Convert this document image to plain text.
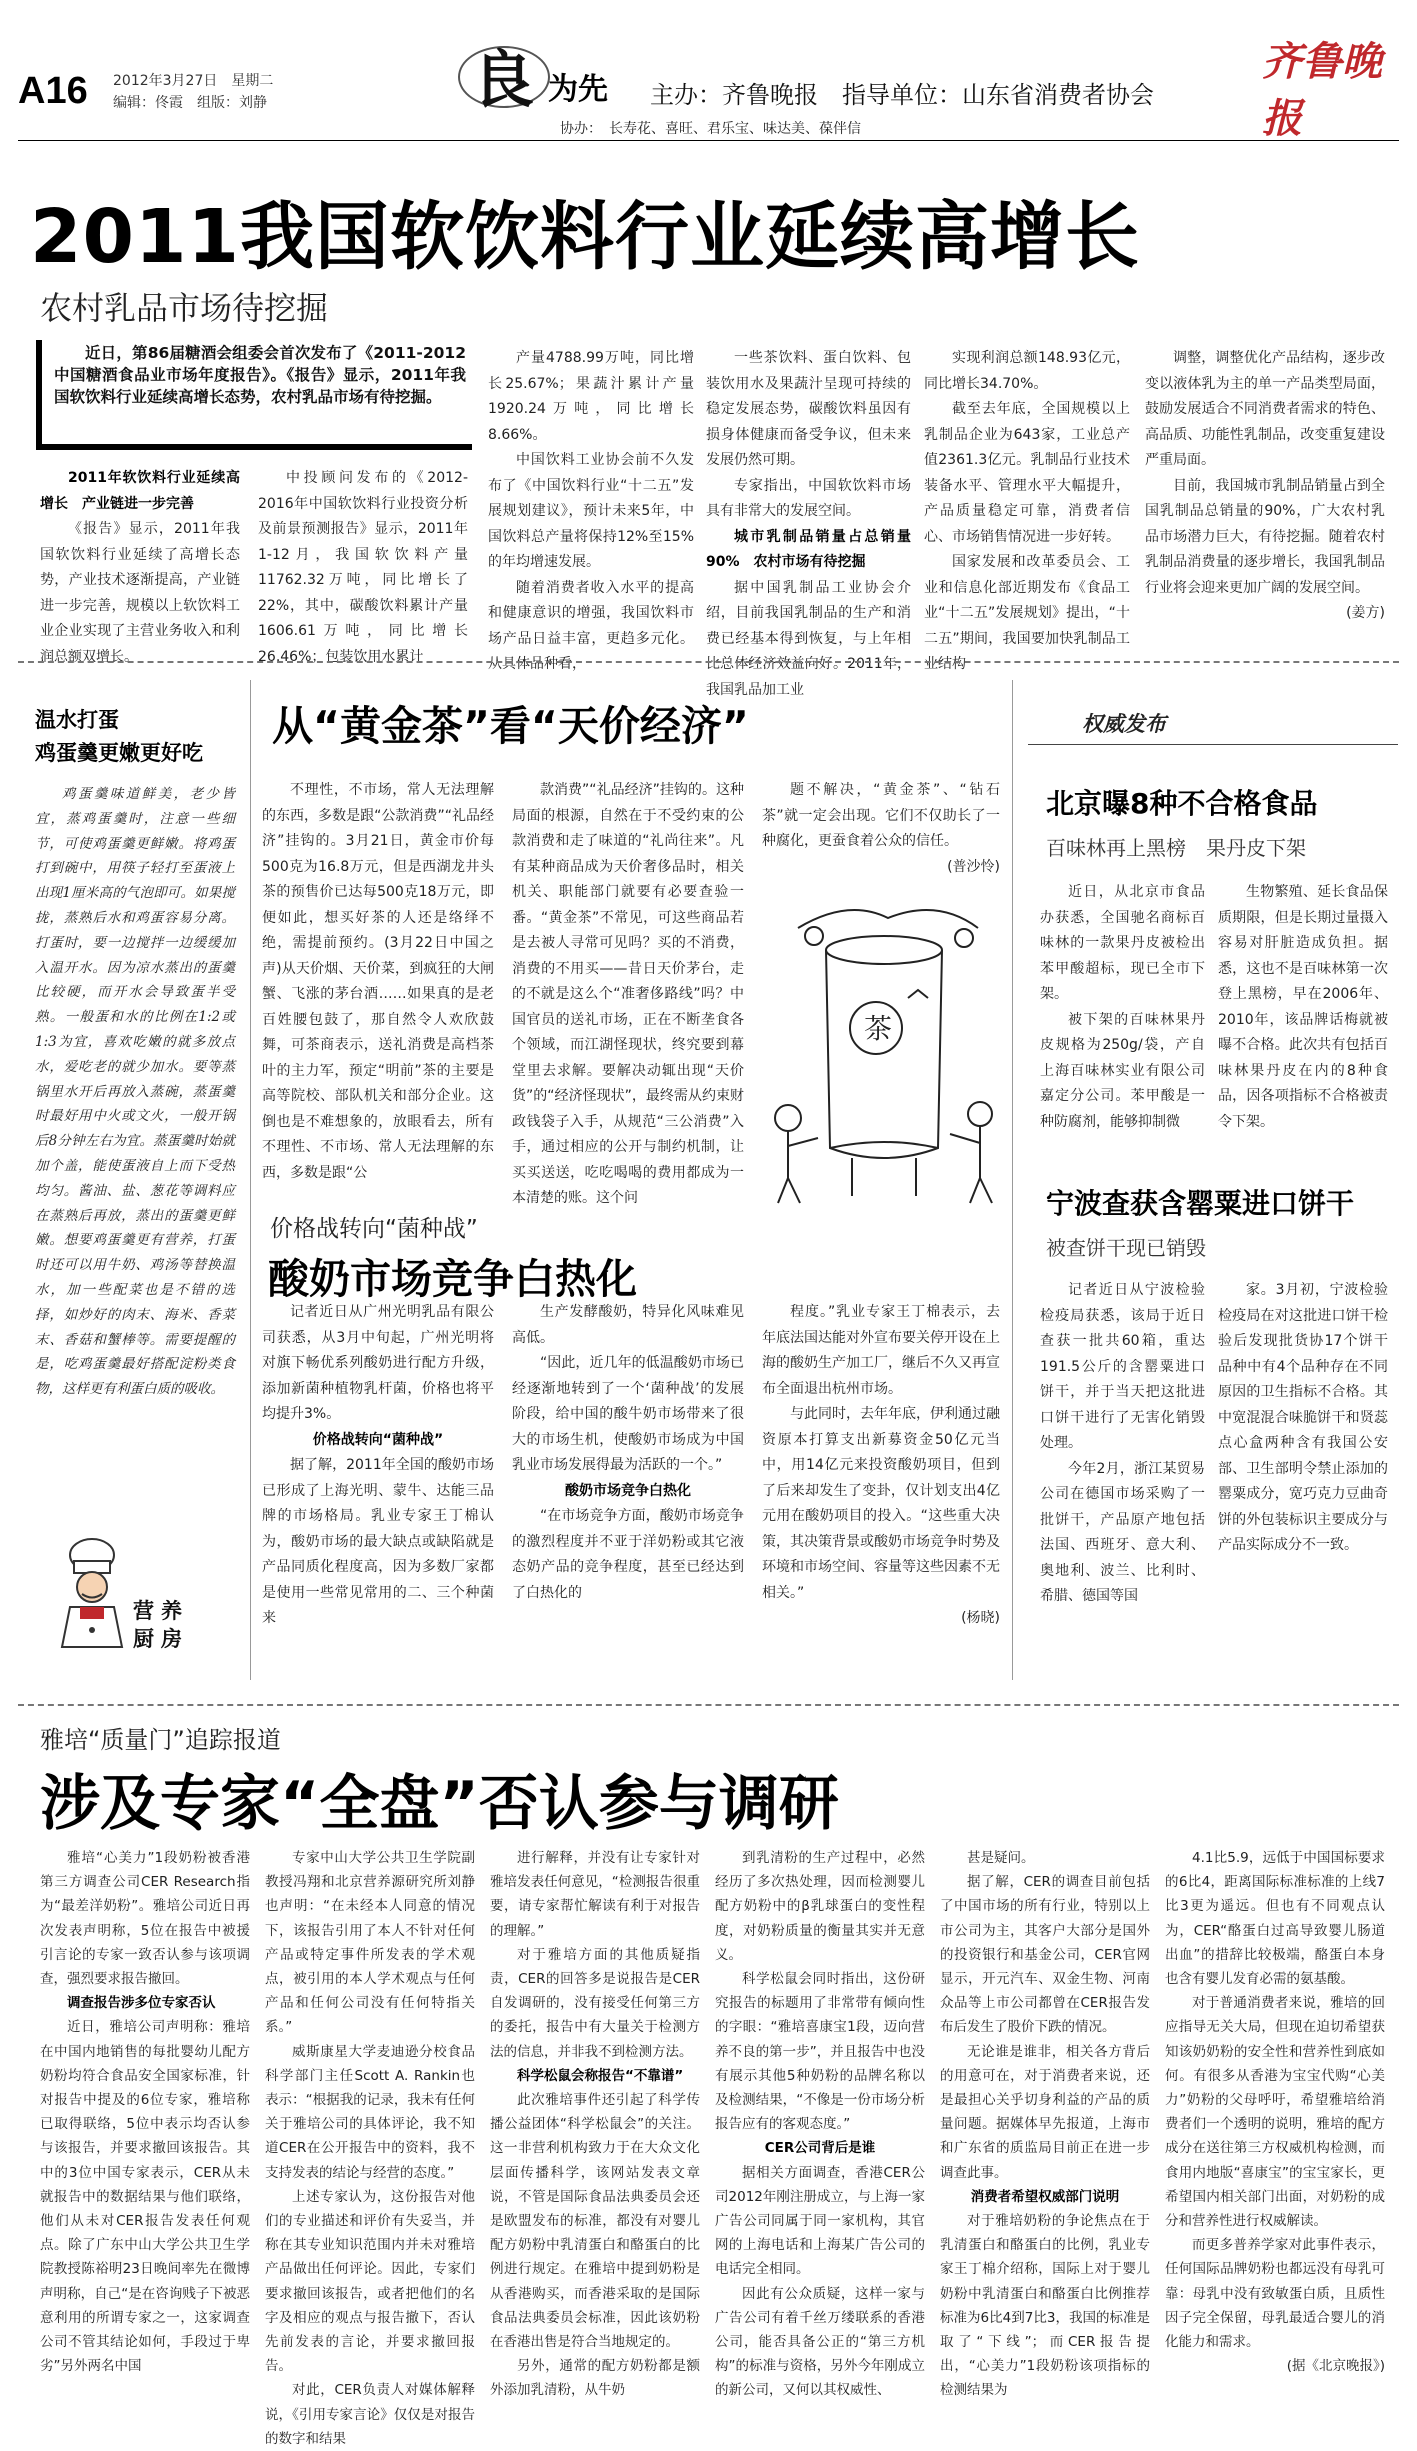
A16 2012年3月27日　星期二
编辑：佟霞　组版：刘静	良 为先 主办：齐鲁晚报　指导单位：山东省消费者协会
协办：　长寿花、喜旺、君乐宝、味达美、葆伴信
齐鲁晚报
2011我国软饮料行业延续高增长
农村乳品市场待挖掘
近日，第86届糖酒会组委会首次发布了《2011-2012中国糖酒食品业市场年度报告》。《报告》显示，2011年我国软饮料行业延续高增长态势，农村乳品市场有待挖掘。

2011年软饮料行业延续高增长　产业链进一步完善

《报告》显示，2011年我国软饮料行业延续了高增长态势，产业技术逐渐提高，产业链进一步完善，规模以上软饮料工业企业实现了主营业务收入和利润总额双增长。

中投顾问发布的《2012-2016年中国软饮料行业投资分析及前景预测报告》显示，2011年1-12月，我国软饮料产量11762.32万吨，同比增长了22%，其中，碳酸饮料累计产量1606.61万吨，同比增长26.46%；包装饮用水累计

产量4788.99万吨，同比增长25.67%；果蔬汁累计产量1920.24万吨，同比增长8.66%。

中国饮料工业协会前不久发布了《中国饮料行业“十二五”发展规划建议》，预计未来5年，中国饮料总产量将保持12%至15%的年均增速发展。

随着消费者收入水平的提高和健康意识的增强，我国饮料市场产品日益丰富，更趋多元化。从具体品种看，

一些茶饮料、蛋白饮料、包装饮用水及果蔬汁呈现可持续的稳定发展态势，碳酸饮料虽因有损身体健康而备受争议，但未来发展仍然可期。

专家指出，中国软饮料市场具有非常大的发展空间。

城市乳制品销量占总销量90%　农村市场有待挖掘

据中国乳制品工业协会介绍，目前我国乳制品的生产和消费已经基本得到恢复，与上年相比总体经济效益向好。2011年，我国乳品加工业

实现利润总额148.93亿元，同比增长34.70%。

截至去年底，全国规模以上乳制品企业为643家，工业总产值2361.3亿元。乳制品行业技术装备水平、管理水平大幅提升，产品质量稳定可靠，消费者信心、市场销售情况进一步好转。

国家发展和改革委员会、工业和信息化部近期发布《食品工业“十二五”发展规划》提出，“十二五”期间，我国要加快乳制品工业结构

调整，调整优化产品结构，逐步改变以液体乳为主的单一产品类型局面，鼓励发展适合不同消费者需求的特色、高品质、功能性乳制品，改变重复建设严重局面。

目前，我国城市乳制品销量占到全国乳制品总销量的90%，广大农村乳品市场潜力巨大，有待挖掘。随着农村乳制品消费量的逐步增长，我国乳制品行业将会迎来更加广阔的发展空间。

(姜方)

温水打蛋
鸡蛋羹更嫩更好吃

鸡蛋羹味道鲜美，老少皆宜，蒸鸡蛋羹时，注意一些细节，可使鸡蛋羹更鲜嫩。将鸡蛋打到碗中，用筷子轻打至蛋液上出现1厘米高的气泡即可。如果搅拢，蒸熟后水和鸡蛋容易分离。打蛋时，要一边搅拌一边缓缓加入温开水。因为凉水蒸出的蛋羹比较硬，而开水会导致蛋半受熟。一般蛋和水的比例在1:2或1:3为宜，喜欢吃嫩的就多放点水，爱吃老的就少加水。要等蒸锅里水开后再放入蒸碗，蒸蛋羹时最好用中火或文火，一般开锅后8分钟左右为宜。蒸蛋羹时始就加个盖，能使蛋液自上而下受热均匀。酱油、盐、葱花等调料应在蒸熟后再放，蒸出的蛋羹更鲜嫩。想要鸡蛋羹更有营养，打蛋时还可以用牛奶、鸡汤等替换温水，加一些配菜也是不错的选择，如炒好的肉末、海米、香菜末、香菇和蟹棒等。需要提醒的是，吃鸡蛋羹最好搭配淀粉类食物，这样更有利蛋白质的吸收。

营 养
厨 房
从“黄金茶”看“天价经济”

不理性，不市场，常人无法理解的东西，多数是跟“公款消费”“礼品经济”挂钩的。3月21日，黄金市价每500克为16.8万元，但是西湖龙井头茶的预售价已达每500克18万元，即便如此，想买好茶的人还是络绎不绝，需提前预约。(3月22日中国之声)从天价烟、天价菜，到疯狂的大闸蟹、飞涨的茅台酒……如果真的是老百姓腰包鼓了，那自然令人欢欣鼓舞，可茶商表示，送礼消费是高档茶叶的主力军，预定“明前”茶的主要是高等院校、部队机关和部分企业。这倒也是不难想象的，放眼看去，所有不理性、不市场、常人无法理解的东西，多数是跟“公

款消费”“礼品经济”挂钩的。这种局面的根源，自然在于不受约束的公款消费和走了味道的“礼尚往来”。凡有某种商品成为天价奢侈品时，相关机关、职能部门就要有必要查验一番。“黄金茶”不常见，可这些商品若是去被人寻常可见吗？买的不消费，消费的不用买——昔日天价茅台，走的不就是这么个“准奢侈路线”吗？中国官员的送礼市场，正在不断垄食各个领域，而江湖怪现状，终究要到幕堂里去求解。要解决动辄出现“天价货”的“经济怪现状”，最终需从约束财政钱袋子入手，从规范“三公消费”入手，通过相应的公开与制约机制，让买买送送，吃吃喝喝的费用都成为一本清楚的账。这个问

题不解决，“黄金茶”、“钻石茶”就一定会出现。它们不仅助长了一种腐化，更蚕食着公众的信任。

(普沙怜)

茶
价格战转向“菌种战”
酸奶市场竞争白热化

记者近日从广州光明乳品有限公司获悉，从3月中旬起，广州光明将对旗下畅优系列酸奶进行配方升级，添加新菌种植物乳杆菌，价格也将平均提升3%。

价格战转向“菌种战”

据了解，2011年全国的酸奶市场已形成了上海光明、蒙牛、达能三品牌的市场格局。乳业专家王丁棉认为，酸奶市场的最大缺点或缺陷就是产品同质化程度高，因为多数厂家都是使用一些常见常用的二、三个种菌来

生产发酵酸奶，特异化风味难见高低。

“因此，近几年的低温酸奶市场已经逐渐地转到了一个‘菌种战’的发展阶段，给中国的酸牛奶市场带来了很大的市场生机，使酸奶市场成为中国乳业市场发展得最为活跃的一个。”

酸奶市场竞争白热化

“在市场竞争方面，酸奶市场竞争的激烈程度并不亚于洋奶粉或其它液态奶产品的竞争程度，甚至已经达到了白热化的

程度。”乳业专家王丁棉表示，去年底法国达能对外宣布要关停开设在上海的酸奶生产加工厂，继后不久又再宣布全面退出杭州市场。

与此同时，去年年底，伊利通过融资原本打算支出新募资金50亿元当中，用14亿元来投资酸奶项目，但到了后来却发生了变卦，仅计划支出4亿元用在酸奶项目的投入。“这些重大决策，其决策背景或酸奶市场竞争时势及环境和市场空间、容量等这些因素不无相关。”

(杨晓)

权威发布
北京曝8种不合格食品
百味林再上黑榜　果丹皮下架

近日，从北京市食品办获悉，全国驰名商标百味林的一款果丹皮被检出苯甲酸超标，现已全市下架。

被下架的百味林果丹皮规格为250g/袋，产自上海百味林实业有限公司嘉定分公司。苯甲酸是一种防腐剂，能够抑制微

生物繁殖、延长食品保质期限，但是长期过量摄入容易对肝脏造成负担。据悉，这也不是百味林第一次登上黑榜，早在2006年、2010年，该品牌话梅就被曝不合格。此次共有包括百味林果丹皮在内的8种食品，因各项指标不合格被责令下架。

宁波查获含罂粟进口饼干
被查饼干现已销毁

记者近日从宁波检验检疫局获悉，该局于近日查获一批共60箱，重达191.5公斤的含罂粟进口饼干，并于当天把这批进口饼干进行了无害化销毁处理。

今年2月，浙江某贸易公司在德国市场采购了一批饼干，产品原产地包括法国、西班牙、意大利、奥地利、波兰、比利时、希腊、德国等国

家。3月初，宁波检验检疫局在对这批进口饼干检验后发现批货协17个饼干品种中有4个品种存在不同原因的卫生指标不合格。其中宽混混合味脆饼干和贤蕊点心盒两种含有我国公安部、卫生部明令禁止添加的罂粟成分，宽巧克力豆曲奇饼的外包装标识主要成分与产品实际成分不一致。

雅培“质量门”追踪报道
涉及专家“全盘”否认参与调研

雅培“心美力”1段奶粉被香港第三方调查公司CER Research指为“最差洋奶粉”。雅培公司近日再次发表声明称，5位在报告中被援引言论的专家一致否认参与该项调查，强烈要求报告撤回。

调查报告涉多位专家否认

近日，雅培公司声明称：雅培在中国内地销售的每批婴幼儿配方奶粉均符合食品安全国家标准，针对报告中提及的6位专家，雅培称已取得联络，5位中表示均否认参与该报告，并要求撤回该报告。其中的3位中国专家表示，CER从未就报告中的数据结果与他们联络，他们从未对CER报告发表任何观点。除了广东中山大学公共卫生学院教授陈裕明23日晚间率先在微博声明称，自己“是在咨询贱子下被恶意利用的所谓专家之一，这家调查公司不管其结论如何，手段过于卑劣”另外两名中国

专家中山大学公共卫生学院副教授冯翔和北京营养源研究所刘静也声明：“在未经本人同意的情况下，该报告引用了本人不针对任何产品或特定事件所发表的学术观点，被引用的本人学术观点与任何产品和任何公司没有任何特指关系。”

威斯康星大学麦迪逊分校食品科学部门主任Scott A. Rankin也表示：“根据我的记录，我未有任何关于雅培公司的具体评论，我不知道CER在公开报告中的资料，我不支持发表的结论与经营的态度。”

上述专家认为，这份报告对他们的专业描述和评价有失妥当，并称在其专业知识范围内并未对雅培产品做出任何评论。因此，专家们要求撤回该报告，或者把他们的名字及相应的观点与报告撤下，否认先前发表的言论，并要求撤回报告。

对此，CER负责人对媒体解释说，《引用专家言论》仅仅是对报告的数字和结果

进行解释，并没有让专家针对雅培发表任何意见，“检测报告很重要，请专家帮忙解读有利于对报告的理解。”

对于雅培方面的其他质疑指责，CER的回答多是说报告是CER自发调研的，没有接受任何第三方的委托，报告中有大量关于检测方法的信息，并非我不到检测方法。

科学松鼠会称报告“不靠谱”

此次雅培事件还引起了科学传播公益团体“科学松鼠会”的关注。这一非营利机构致力于在大众文化层面传播科学，该网站发表文章说，不管是国际食品法典委员会还是欧盟发布的标准，都没有对婴儿配方奶粉中乳清蛋白和酪蛋白的比例进行规定。在雅培中提到奶粉是从香港购买，而香港采取的是国际食品法典委员会标准，因此该奶粉在香港出售是符合当地规定的。

另外，通常的配方奶粉都是额外添加乳清粉，从牛奶

到乳清粉的生产过程中，必然经历了多次热处理，因而检测婴儿配方奶粉中的β乳球蛋白的变性程度，对奶粉质量的衡量其实并无意义。

科学松鼠会同时指出，这份研究报告的标题用了非常带有倾向性的字眼：“雅培喜康宝1段，迈向营养不良的第一步”，并且报告中也没有展示其他5种奶粉的品牌名称以及检测结果，“不像是一份市场分析报告应有的客观态度。”

CER公司背后是谁

据相关方面调查，香港CER公司2012年刚注册成立，与上海一家广告公司同属于同一家机构，其官网的上海电话和上海某广告公司的电话完全相同。

因此有公众质疑，这样一家与广告公司有着千丝万缕联系的香港公司，能否具备公正的“第三方机构”的标准与资格，另外今年刚成立的新公司，又何以其权威性、

甚是疑问。

据了解，CER的调查目前包括了中国市场的所有行业，特别以上市公司为主，其客户大部分是国外的投资银行和基金公司，CER官网显示，开元汽车、双金生物、河南众品等上市公司都曾在CER报告发布后发生了股价下跌的情况。

无论谁是谁非，相关各方背后的用意可在，对于消费者来说，还是最担心关乎切身利益的产品的质量问题。据媒体早先报道，上海市和广东省的质监局目前正在进一步调查此事。

消费者希望权威部门说明

对于雅培奶粉的争论焦点在于乳清蛋白和酪蛋白的比例，乳业专家王丁棉介绍称，国际上对于婴儿奶粉中乳清蛋白和酪蛋白比例推荐标准为6比4到7比3，我国的标准是取了“下线”；而CER报告提出，“心美力”1段奶粉该项指标的检测结果为

4.1比5.9，远低于中国国标要求的6比4，距离国际标准标准的上线7比3更为遥远。但也有不同观点认为，CER“酪蛋白过高导致婴儿肠道出血”的措辞比较极端，酪蛋白本身也含有婴儿发育必需的氨基酸。

对于普通消费者来说，雅培的回应指导无关大局，但现在迫切希望获知该奶奶粉的安全性和营养性到底如何。有很多从香港为宝宝代购“心美力”奶粉的父母呼吁，希望雅培给消费者们一个透明的说明，雅培的配方成分在送往第三方权威机构检测，而食用内地版“喜康宝”的宝宝家长，更希望国内相关部门出面，对奶粉的成分和营养性进行权威解读。

而更多普养学家对此事件表示，任何国际品牌奶粉也都远没有母乳可靠：母乳中没有致敏蛋白质，且质性因子完全保留，母乳最适合婴儿的消化能力和需求。

(据《北京晚报》)
